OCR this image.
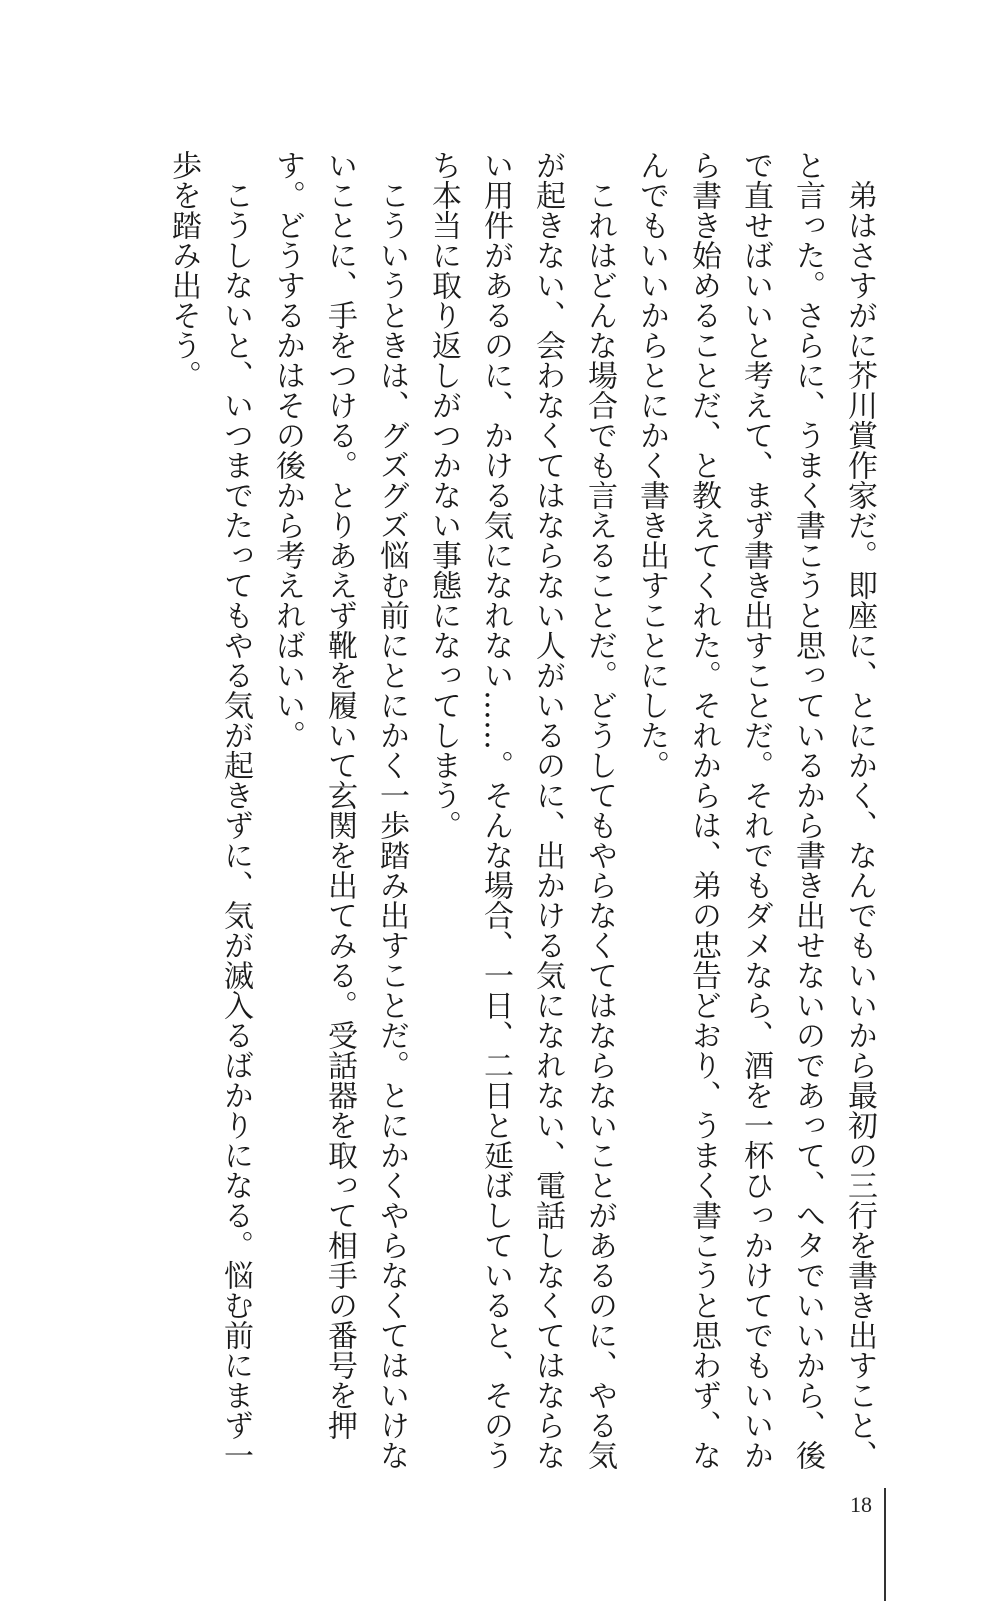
弟はさすがに芥川賞作家だ。即座に、とにかく、なんでもいいから最初の三行を書き出すこと、と言った。さらに、うまく書こうと思っているから書き出せないのであって、へタでいいから、後で直せばいいと考えて、まず書き出すことだ。それでもダメなら、酒を一杯ひっかけてでもいいから書き始めることだ、と教えてくれた。それからは、弟の忠告どおり、うまく書こうと思わず、なんでもいいからとにかく書き出すことにした。

これはどんな場合でも言えることだ。どうしてもやらなくてはならないことがあるのに、やる気が起きない、会わなくてはならない人がいるのに、出かける気になれない、電話しなくてはならない用件があるのに、かける気になれない……。そんな場合、一日、二日と延ばしていると、そのうち本当に取り返しがつかない事態になってしまう。

こういうときは、グズグズ悩む前にとにかく一歩踏み出すことだ。とにかくやらなくてはいけないことに、手をつける。とりあえず靴を履いて玄関を出てみる。受話器を取って相手の番号を押す。どうするかはその後から考えればいい。

こうしないと、いつまでたってもやる気が起きずに、気が滅入るばかりになる。悩む前にまず一歩を踏み出そう。

18
